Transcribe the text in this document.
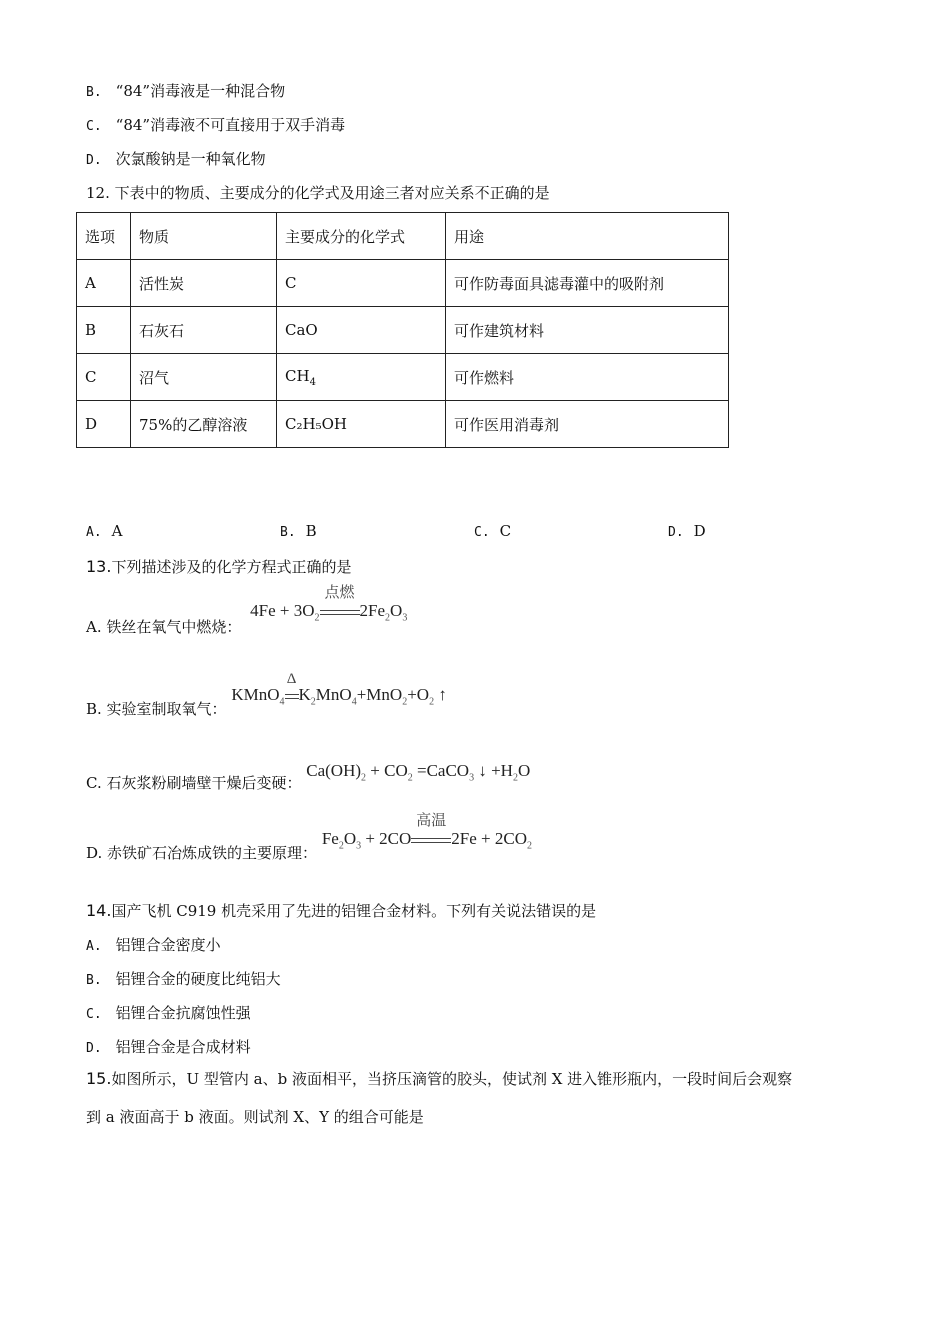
B. “84”消毒液是一种混合物
C. “84”消毒液不可直接用于双手消毒
D. 次氯酸钠是一种氧化物
12. 下表中的物质、主要成分的化学式及用途三者对应关系不正确的是
选项	物质	主要成分的化学式	用途
A	活性炭	C	可作防毒面具滤毒灌中的吸附剂
B	石灰石	CaO	可作建筑材料
C	沼气	$CH_4$	可作燃料
D	75%的乙醇溶液	C₂H₅OH	可作医用消毒剂
A. A	B. B	C. C	D. D
13.下列描述涉及的化学方程式正确的是
A. 铁丝在氧气中燃烧： $4Fe + 3O_2$
点燃
$2Fe_2O_3$
B. 实验室制取氧气： KMnO$_4$
Δ
$K_2MnO_4+MnO_2+O_2$ ↑
C. 石灰浆粉刷墙壁干燥后变硬： $Ca(OH)_2 + CO_2$ =CaCO$_3$ ↓ $+H_2O$
D. 赤铁矿石冶炼成铁的主要原理： $Fe_2O_3 + 2CO$
高温
$2Fe + 2CO_2$
14.国产飞机 C919 机壳采用了先进的铝锂合金材料。下列有关说法错误的是
A. 铝锂合金密度小
B. 铝锂合金的硬度比纯铝大
C. 铝锂合金抗腐蚀性强
D. 铝锂合金是合成材料
15.如图所示，U 型管内 a、b 液面相平，当挤压滴管的胶头，使试剂 X 进入锥形瓶内，一段时间后会观察
到 a 液面高于 b 液面。则试剂 X、Y 的组合可能是
